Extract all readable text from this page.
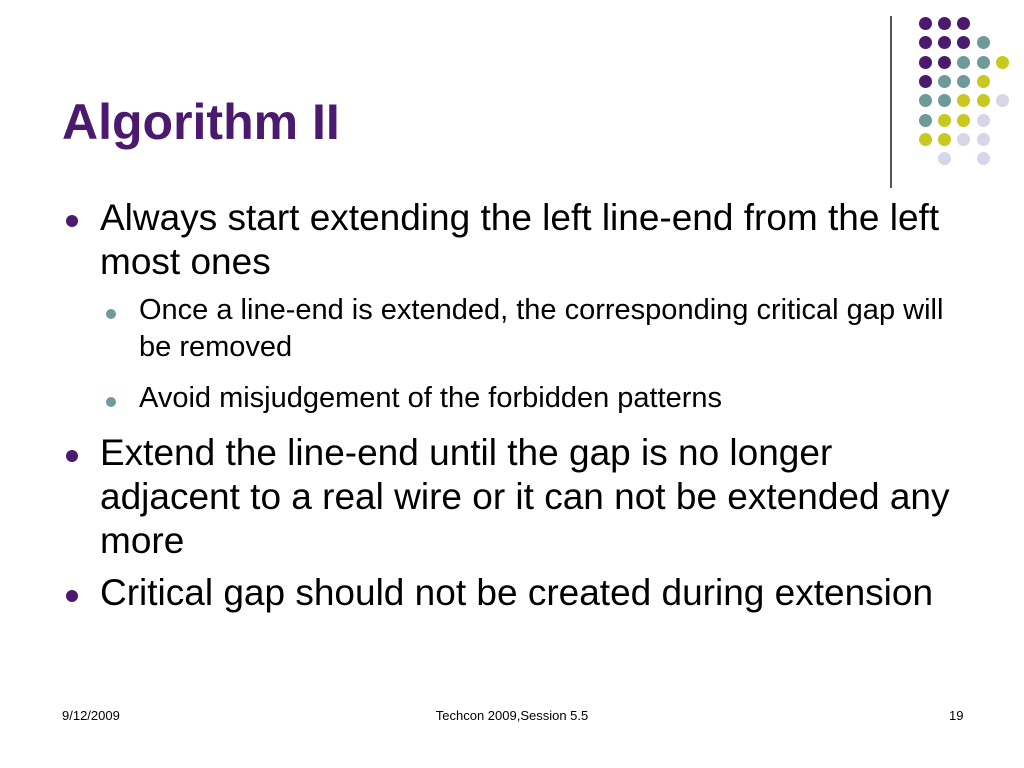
Algorithm II
Always start extending the left line-end from the left most ones
Once a line-end is extended, the corresponding critical gap will be removed
Avoid misjudgement of the forbidden patterns
Extend the line-end until the gap is no longer adjacent to a real wire or it can not be extended any more
Critical gap should not be created during extension
9/12/2009	Techcon 2009,Session 5.5	19
